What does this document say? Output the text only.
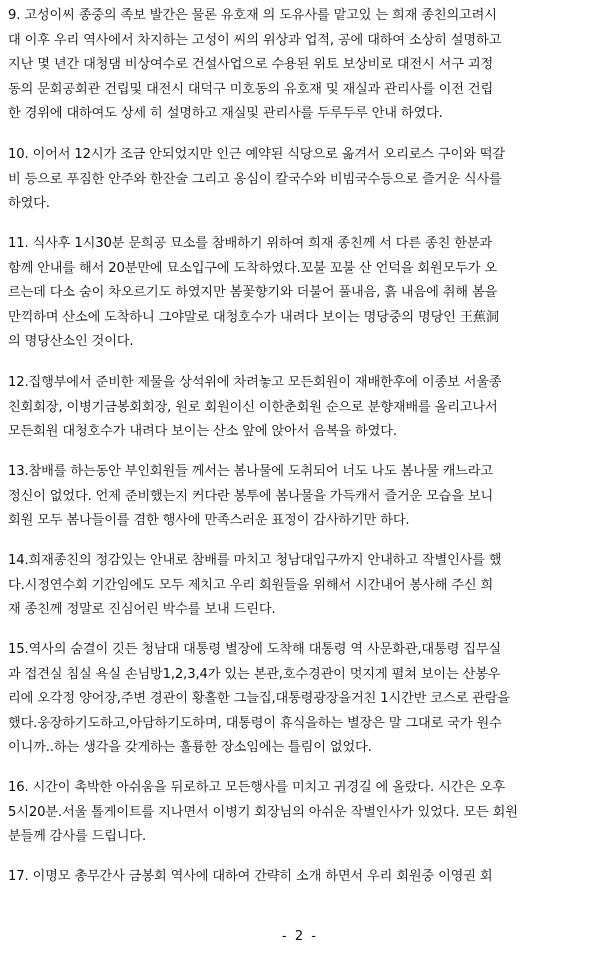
9. 고성이씨 종중의 족보 발간은 물론 유호재 의 도유사를 맡고있 는 희재 종친의고려시
대 이후 우리 역사에서 차지하는 고성이 씨의 위상과 업적, 공에 대하여 소상히 설명하고
지난 몇 년간 대청댐 비상여수로 건설사업으로 수용된 위토 보상비로 대전시 서구 괴정
동의 문회공회관 건립및 대전시 대덕구 미호동의 유호재 및 재실과 관리사를 이전 건립
한 경위에 대하여도 상세 히 설명하고 재실및 관리사를 두루두루 안내 하였다.
10. 이어서 12시가 조금 안되었지만 인근 예약된 식당으로 옮겨서 오리로스 구이와 떡갈
비 등으로 푸짐한 안주와 한잔술 그리고 옹심이 칼국수와 비빔국수등으로 즐거운 식사를
하였다.
11. 식사후 1시30분 문희공 묘소를 참배하기 위하여 희재 종친께 서 다른 종친 한분과
함께 안내를 해서 20분만에 묘소입구에 도착하였다.꼬불 꼬불 산 언덕을 회원모두가 오
르는데 다소 숨이 차오르기도 하였지만 봄꽃향기와 더불어 풀내음, 흙 내음에 취해 봄을
만끽하며 산소에 도착하니 그야말로 대청호수가 내려다 보이는 명당중의 명당인 王蕉洞
의 명당산소인 것이다.
12.집행부에서 준비한 제물을 상석위에 차려놓고 모든회원이 재배한후에 이종보 서울종
친회회장, 이병기금봉회회장, 원로 회원이신 이한춘회원 순으로 분향재배를 올리고나서
모든회원 대청호수가 내려다 보이는 산소 앞에 앉아서 음복을 하였다.
13.참배를 하는동안 부인회원들 께서는 봄나물에 도취되어 너도 나도 봄나물 캐느라고
정신이 없었다. 언제 준비했는지 커다란 봉투에 봄나물을 가득캐서 즐거운 모습을 보니
회원 모두 봄나들이를 겸한 행사에 만족스러운 표정이 감사하기만 하다.
14.희재종친의 정감있는 안내로 참배를 마치고 청남대입구까지 안내하고 작별인사를 했
다.시정연수회 기간임에도 모두 제치고 우리 회원들을 위해서 시간내어 봉사해 주신 희
재 종친께 정말로 진심어린 박수를 보내 드린다.
15.역사의 숨결이 깃든 청남대 대통령 별장에 도착해 대통령 역 사문화관,대통령 집무실
과 접견실 침실 욕실 손님방1,2,3,4가 있는 본관,호수경관이 멋지게 펼쳐 보이는 산봉우
리에 오각정 양어장,주변 경관이 황홀한 그늘집,대통령광장을거친 1시간반 코스로 관람을
했다.웅장하기도하고,아담하기도하며, 대통령이 휴식을하는 별장은 말 그대로 국가 원수
이니까..하는 생각을 갖게하는 훌륭한 장소임에는 틀림이 없었다.
16. 시간이 촉박한 아쉬움을 뒤로하고 모든행사를 미치고 귀경길 에 올랐다. 시간은 오후
5시20분.서울 톨게이트를 지나면서 이병기 회장님의 아쉬운 작별인사가 있었다. 모든 회원
분들께 감사를 드립니다.
17. 이명모 총무간사 금봉회 역사에 대하여 간략히 소개 하면서 우리 회원중 이영권 회
- 2 -
